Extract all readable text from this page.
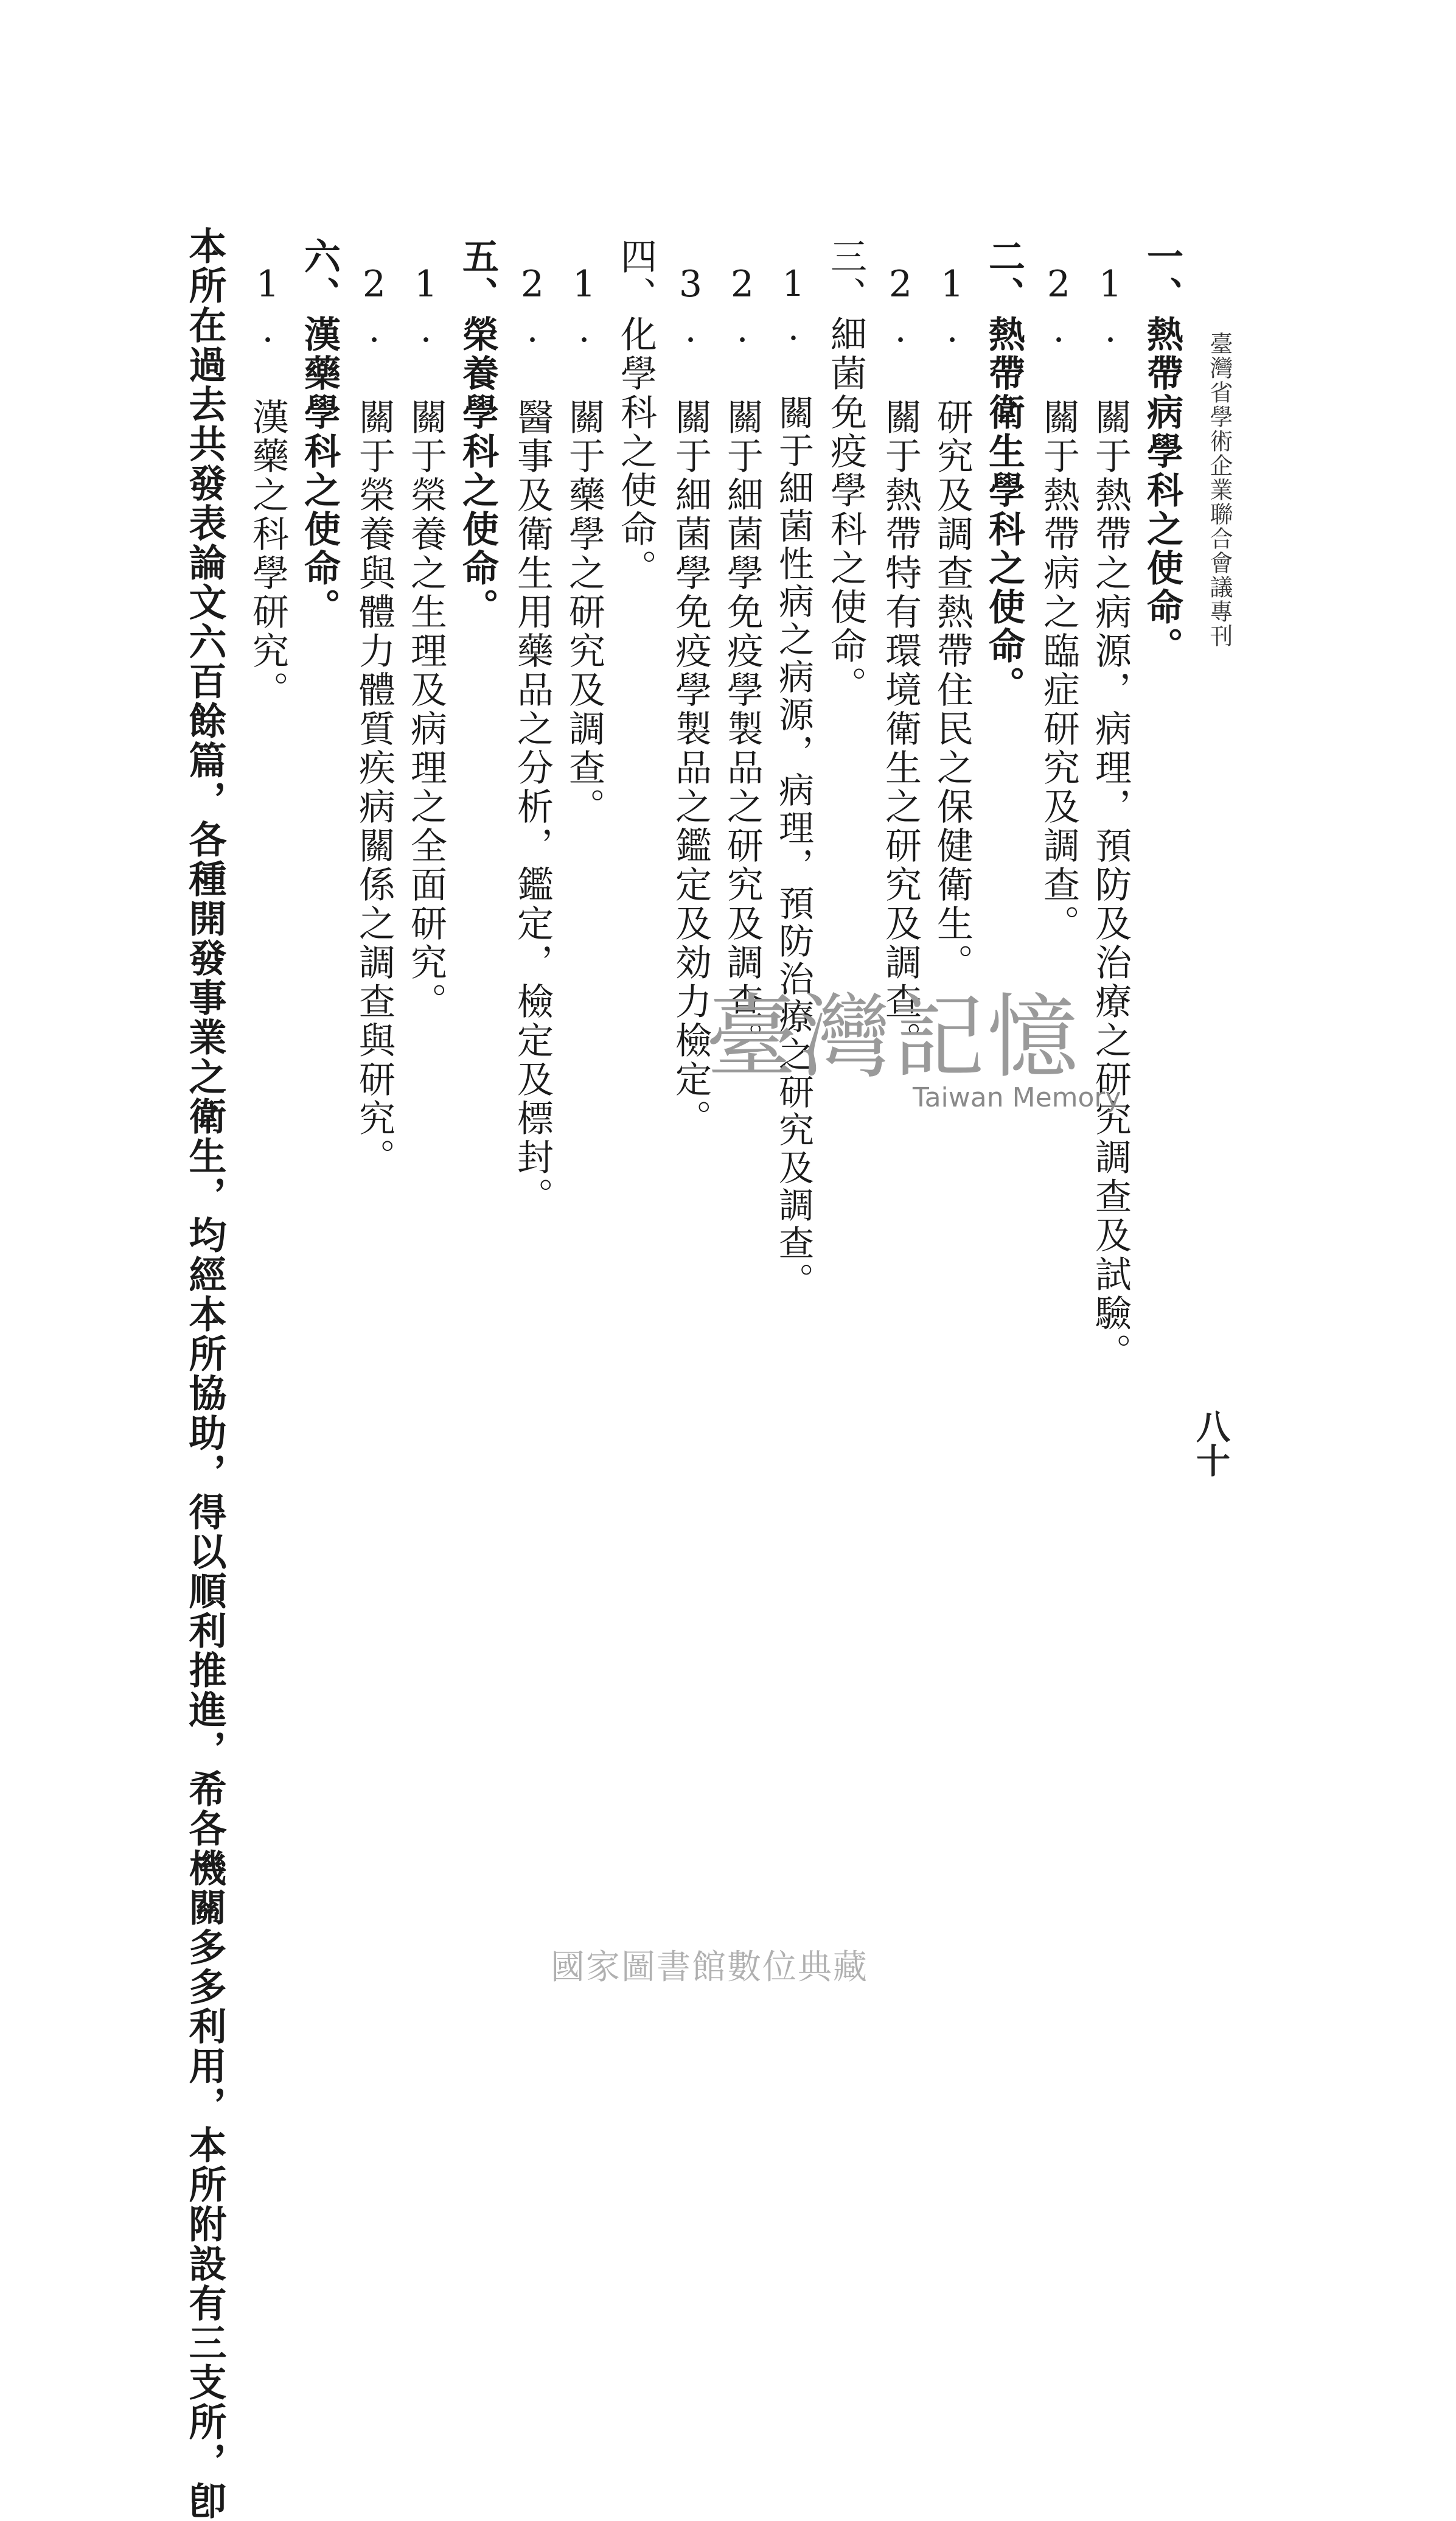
臺灣省學術企業聯合會議專刊
八十
一、熱帶病學科之使命。
1. 關于熱帶之病源，病理，預防及治療之研究調查及試驗。
2. 關于熱帶病之臨症研究及調查。
二、熱帶衛生學科之使命。
1. 研究及調查熱帶住民之保健衛生。
2. 關于熱帶特有環境衛生之研究及調查。
三、細菌免疫學科之使命。
1. 關于細菌性病之病源，病理，預防治療之研究及調查。
2. 關于細菌學免疫學製品之研究及調查。
3. 關于細菌學免疫學製品之鑑定及効力檢定。
四、化學科之使命。
1. 關于藥學之研究及調查。
2. 醫事及衛生用藥品之分析，鑑定，檢定及標封。
五、榮養學科之使命。
1. 關于榮養之生理及病理之全面研究。
2. 關于榮養與體力體質疾病關係之調查與研究。
六、漢藥學科之使命。
1. 漢藥之科學研究。
本所在過去共發表論文六百餘篇，各種開發事業之衛生，均經本所協助，得以順利推進，希各機關多多利用，本所附設有三支所，卽	臺灣記憶
Taiwan Memory
國家圖書館數位典藏
